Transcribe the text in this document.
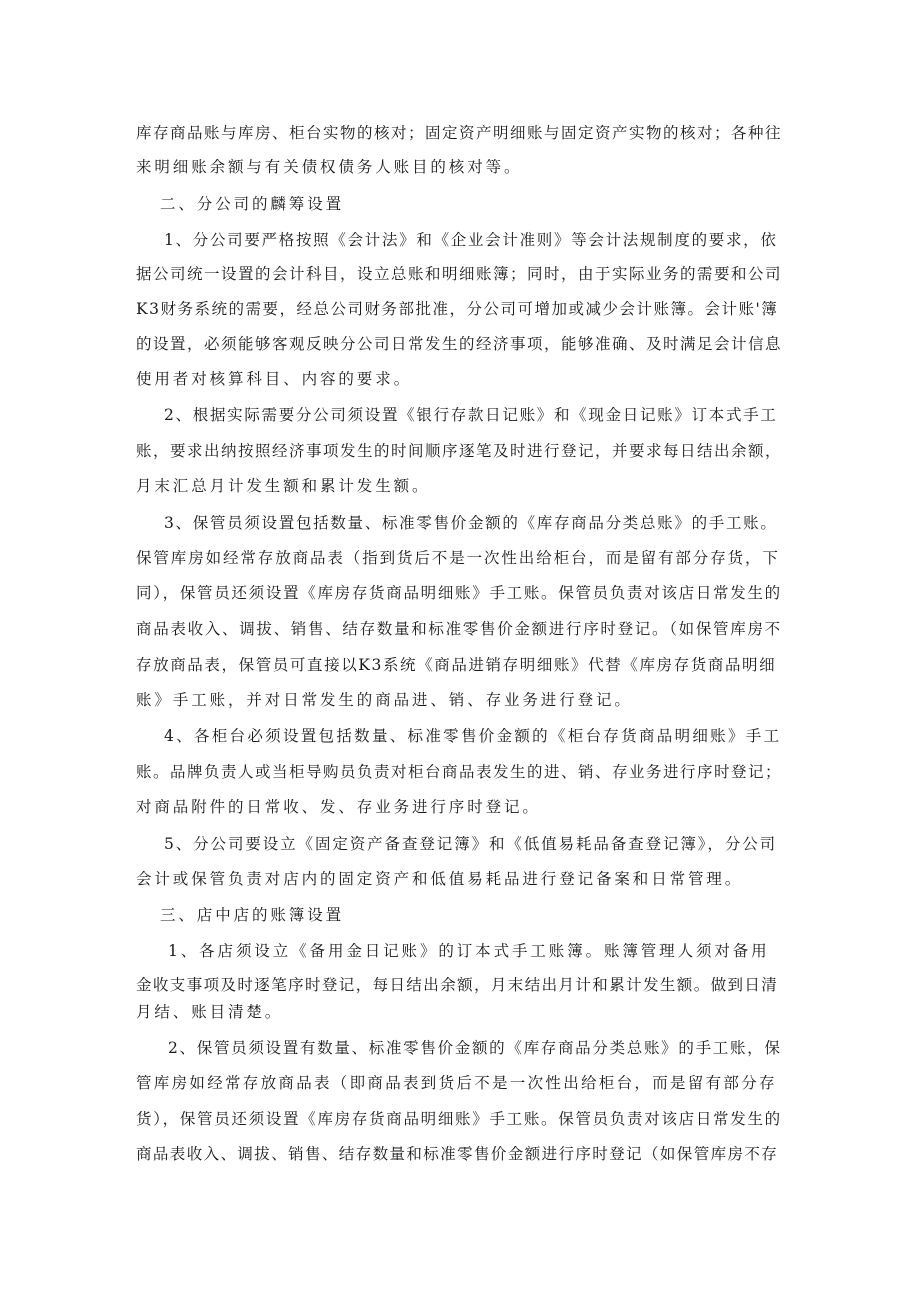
库存商品账与库房、柜台实物的核对；固定资产明细账与固定资产实物的核对；各种往
来明细账余额与有关债权债务人账目的核对等。
二、分公司的麟筹设置
1、分公司要严格按照《会计法》和《企业会计准则》等会计法规制度的要求，依
据公司统一设置的会计科目，设立总账和明细账簿；同时，由于实际业务的需要和公司
K3财务系统的需要，经总公司财务部批准，分公司可增加或减少会计账簿。会计账'簿
的设置，必须能够客观反映分公司日常发生的经济事项，能够准确、及时满足会计信息
使用者对核算科目、内容的要求。
2、根据实际需要分公司须设置《银行存款日记账》和《现金日记账》订本式手工
账，要求出纳按照经济事项发生的时间顺序逐笔及时进行登记，并要求每日结出余额，
月末汇总月计发生额和累计发生额。
3、保管员须设置包括数量、标准零售价金额的《库存商品分类总账》的手工账。
保管库房如经常存放商品表（指到货后不是一次性出给柜台，而是留有部分存货，下
同），保管员还须设置《库房存货商品明细账》手工账。保管员负责对该店日常发生的
商品表收入、调拔、销售、结存数量和标准零售价金额进行序时登记。（如保管库房不
存放商品表，保管员可直接以K3系统《商品进销存明细账》代替《库房存货商品明细
账》手工账，并对日常发生的商品进、销、存业务进行登记。
4、各柜台必须设置包括数量、标准零售价金额的《柜台存货商品明细账》手工
账。品牌负责人或当柜导购员负责对柜台商品表发生的进、销、存业务进行序时登记；
对商品附件的日常收、发、存业务进行序时登记。
5、分公司要设立《固定资产备查登记簿》和《低值易耗品备查登记簿》，分公司
会计或保管负责对店内的固定资产和低值易耗品进行登记备案和日常管理。
三、店中店的账簿设置
1、各店须设立《备用金日记账》的订本式手工账簿。账簿管理人须对备用
金收支事项及时逐笔序时登记，每日结出余额，月末结出月计和累计发生额。做到日清
月结、账目清楚。
2、保管员须设置有数量、标准零售价金额的《库存商品分类总账》的手工账，保
管库房如经常存放商品表（即商品表到货后不是一次性出给柜台，而是留有部分存
货），保管员还须设置《库房存货商品明细账》手工账。保管员负责对该店日常发生的
商品表收入、调拔、销售、结存数量和标准零售价金额进行序时登记（如保管库房不存
